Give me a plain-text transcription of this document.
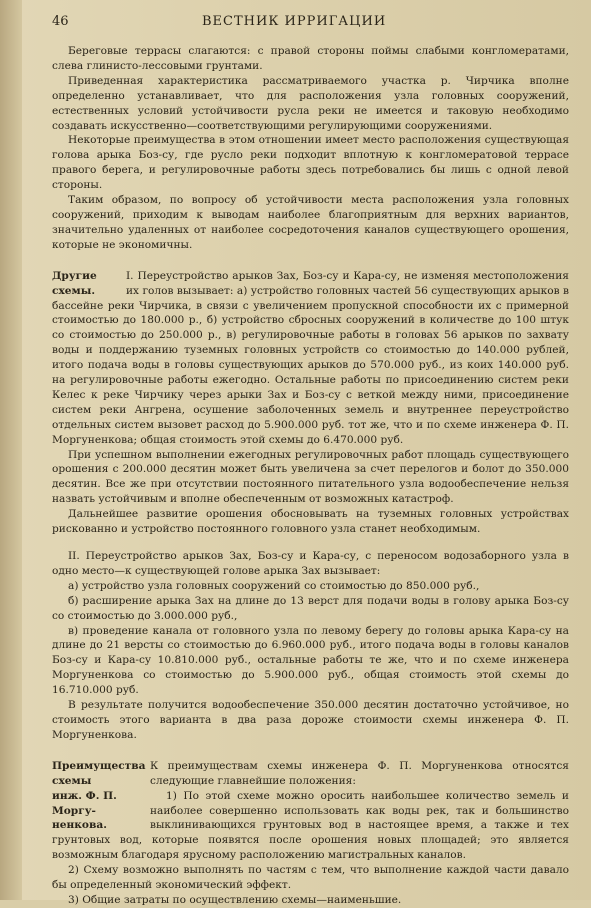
46	ВЕСТНИК ИРРИГАЦИИ

Береговые террасы слагаются: с правой стороны поймы слабыми конгломератами, слева глинисто-лессовыми грунтами.

Приведенная характеристика рассматриваемого участка р. Чирчика вполне определенно устанавливает, что для расположения узла головных сооружений, естественных условий устойчивости русла реки не имеется и таковую необходимо создавать искусственно—соответствующими регулирующими сооружениями.

Некоторые преимущества в этом отношении имеет место расположения существующая голова арыка Боз-су, где русло реки подходит вплотную к конгломератовой террасе правого берега, и регулировочные работы здесь потребовались бы лишь с одной левой стороны.

Таким образом, по вопросу об устойчивости места расположения узла головных сооружений, приходим к выводам наиболее благоприятным для верхних вариантов, значительно удаленных от наиболее сосредоточения каналов существующего орошения, которые не экономичны.

Другие
схемы.

I. Переустройство арыков Зах, Боз-су и Кара-су, не изменяя местоположения их голов вызывает: а) устройство головных частей 56 существующих арыков в бассейне реки Чирчика, в связи с увеличением пропускной способности их с примерной стоимостью до 180.000 р., б) устройство сбросных сооружений в количестве до 100 штук со стоимостью до 250.000 р., в) регулировочные работы в головах 56 арыков по захвату воды и поддержанию туземных головных устройств со стоимостью до 140.000 рублей, итого подача воды в головы существующих арыков до 570.000 руб., из коих 140.000 руб. на регулировочные работы ежегодно. Остальные работы по присоединению систем реки Келес к реке Чирчику через арыки Зах и Боз-су с веткой между ними, присоединение систем реки Ангрена, осушение заболоченных земель и внутреннее переустройство отдельных систем вызовет расход до 5.900.000 руб. тот же, что и по схеме инженера Ф. П. Моргуненкова; общая стоимость этой схемы до 6.470.000 руб.

При успешном выполнении ежегодных регулировочных работ площадь существующего орошения с 200.000 десятин может быть увеличена за счет перелогов и болот до 350.000 десятин. Все же при отсутствии постоянного питательного узла водообеспечение нельзя назвать устойчивым и вполне обеспеченным от возможных катастроф.

Дальнейшее развитие орошения обосновывать на туземных головных устройствах рискованно и устройство постоянного головного узла станет необходимым.

II. Переустройство арыков Зах, Боз-су и Кара-су, с переносом водозаборного узла в одно место—к существующей голове арыка Зах вызывает:

а) устройство узла головных сооружений со стоимостью до 850.000 руб.,

б) расширение арыка Зах на длине до 13 верст для подачи воды в голову арыка Боз-су со стоимостью до 3.000.000 руб.,

в) проведение канала от головного узла по левому берегу до головы арыка Кара-су на длине до 21 версты со стоимостью до 6.960.000 руб., итого подача воды в головы каналов Боз-су и Кара-су 10.810.000 руб., остальные работы те же, что и по схеме инженера Моргуненкова со стоимостью до 5.900.000 руб., общая стоимость этой схемы до 16.710.000 руб.

В результате получится водообеспечение 350.000 десятин достаточно устойчивое, но стоимость этого варианта в два раза дороже стоимости схемы инженера Ф. П. Моргуненкова.

Преимущества схемы
инж. Ф. П. Моргу-
ненкова.

К преимуществам схемы инженера Ф. П. Моргуненкова относятся следующие главнейшие положения:

1) По этой схеме можно оросить наибольшее количество земель и наиболее совершенно использовать как воды рек, так и большинство выклинивающихся грунтовых вод в настоящее время, а также и тех грунтовых вод, которые появятся после орошения новых площадей; это является возможным благодаря ярусному расположению магистральных каналов.

2) Схему возможно выполнять по частям с тем, что выполнение каждой части давало бы определенный экономический эффект.

3) Общие затраты по осуществлению схемы—наименьшие.
